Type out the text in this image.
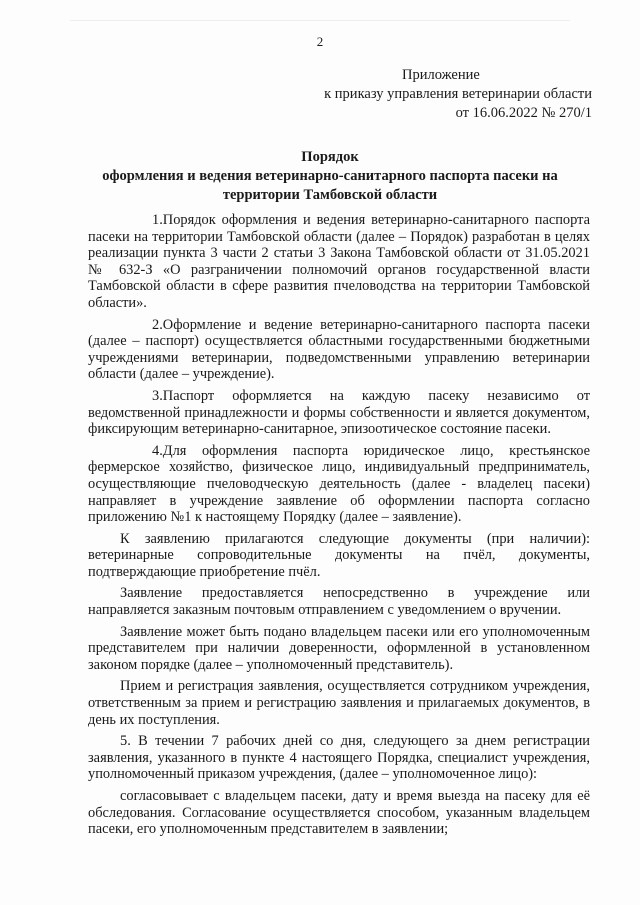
2
Приложение
к приказу управления ветеринарии области
от 16.06.2022 № 270/1
Порядок
оформления и ведения ветеринарно-санитарного паспорта пасеки на
территории Тамбовской области

1.Порядок оформления и ведения ветеринарно-санитарного паспорта пасеки на территории Тамбовской области (далее – Порядок) разработан в целях реализации пункта 3 части 2 статьи 3 Закона Тамбовской области от 31.05.2021 № 632-З «О разграничении полномочий органов государственной власти Тамбовской области в сфере развития пчеловодства на территории Тамбовской области».

2.Оформление и ведение ветеринарно-санитарного паспорта пасеки (далее – паспорт) осуществляется областными государственными бюджетными учреждениями ветеринарии, подведомственными управлению ветеринарии области (далее – учреждение).

3.Паспорт оформляется на каждую пасеку независимо от ведомственной принадлежности и формы собственности и является документом, фиксирующим ветеринарно-санитарное, эпизоотическое состояние пасеки.

4.Для оформления паспорта юридическое лицо, крестьянское фермерское хозяйство, физическое лицо, индивидуальный предприниматель, осуществляющие пчеловодческую деятельность (далее - владелец пасеки) направляет в учреждение заявление об оформлении паспорта согласно приложению №1 к настоящему Порядку (далее – заявление).

К заявлению прилагаются следующие документы (при наличии): ветеринарные сопроводительные документы на пчёл, документы, подтверждающие приобретение пчёл.

Заявление предоставляется непосредственно в учреждение или направляется заказным почтовым отправлением с уведомлением о вручении.

Заявление может быть подано владельцем пасеки или его уполномоченным представителем при наличии доверенности, оформленной в установленном законом порядке (далее – уполномоченный представитель).

Прием и регистрация заявления, осуществляется сотрудником учреждения, ответственным за прием и регистрацию заявления и прилагаемых документов, в день их поступления.

5. В течении 7 рабочих дней со дня, следующего за днем регистрации заявления, указанного в пункте 4 настоящего Порядка, специалист учреждения, уполномоченный приказом учреждения, (далее – уполномоченное лицо):

согласовывает с владельцем пасеки, дату и время выезда на пасеку для её обследования. Согласование осуществляется способом, указанным владельцем пасеки, его уполномоченным представителем в заявлении;
